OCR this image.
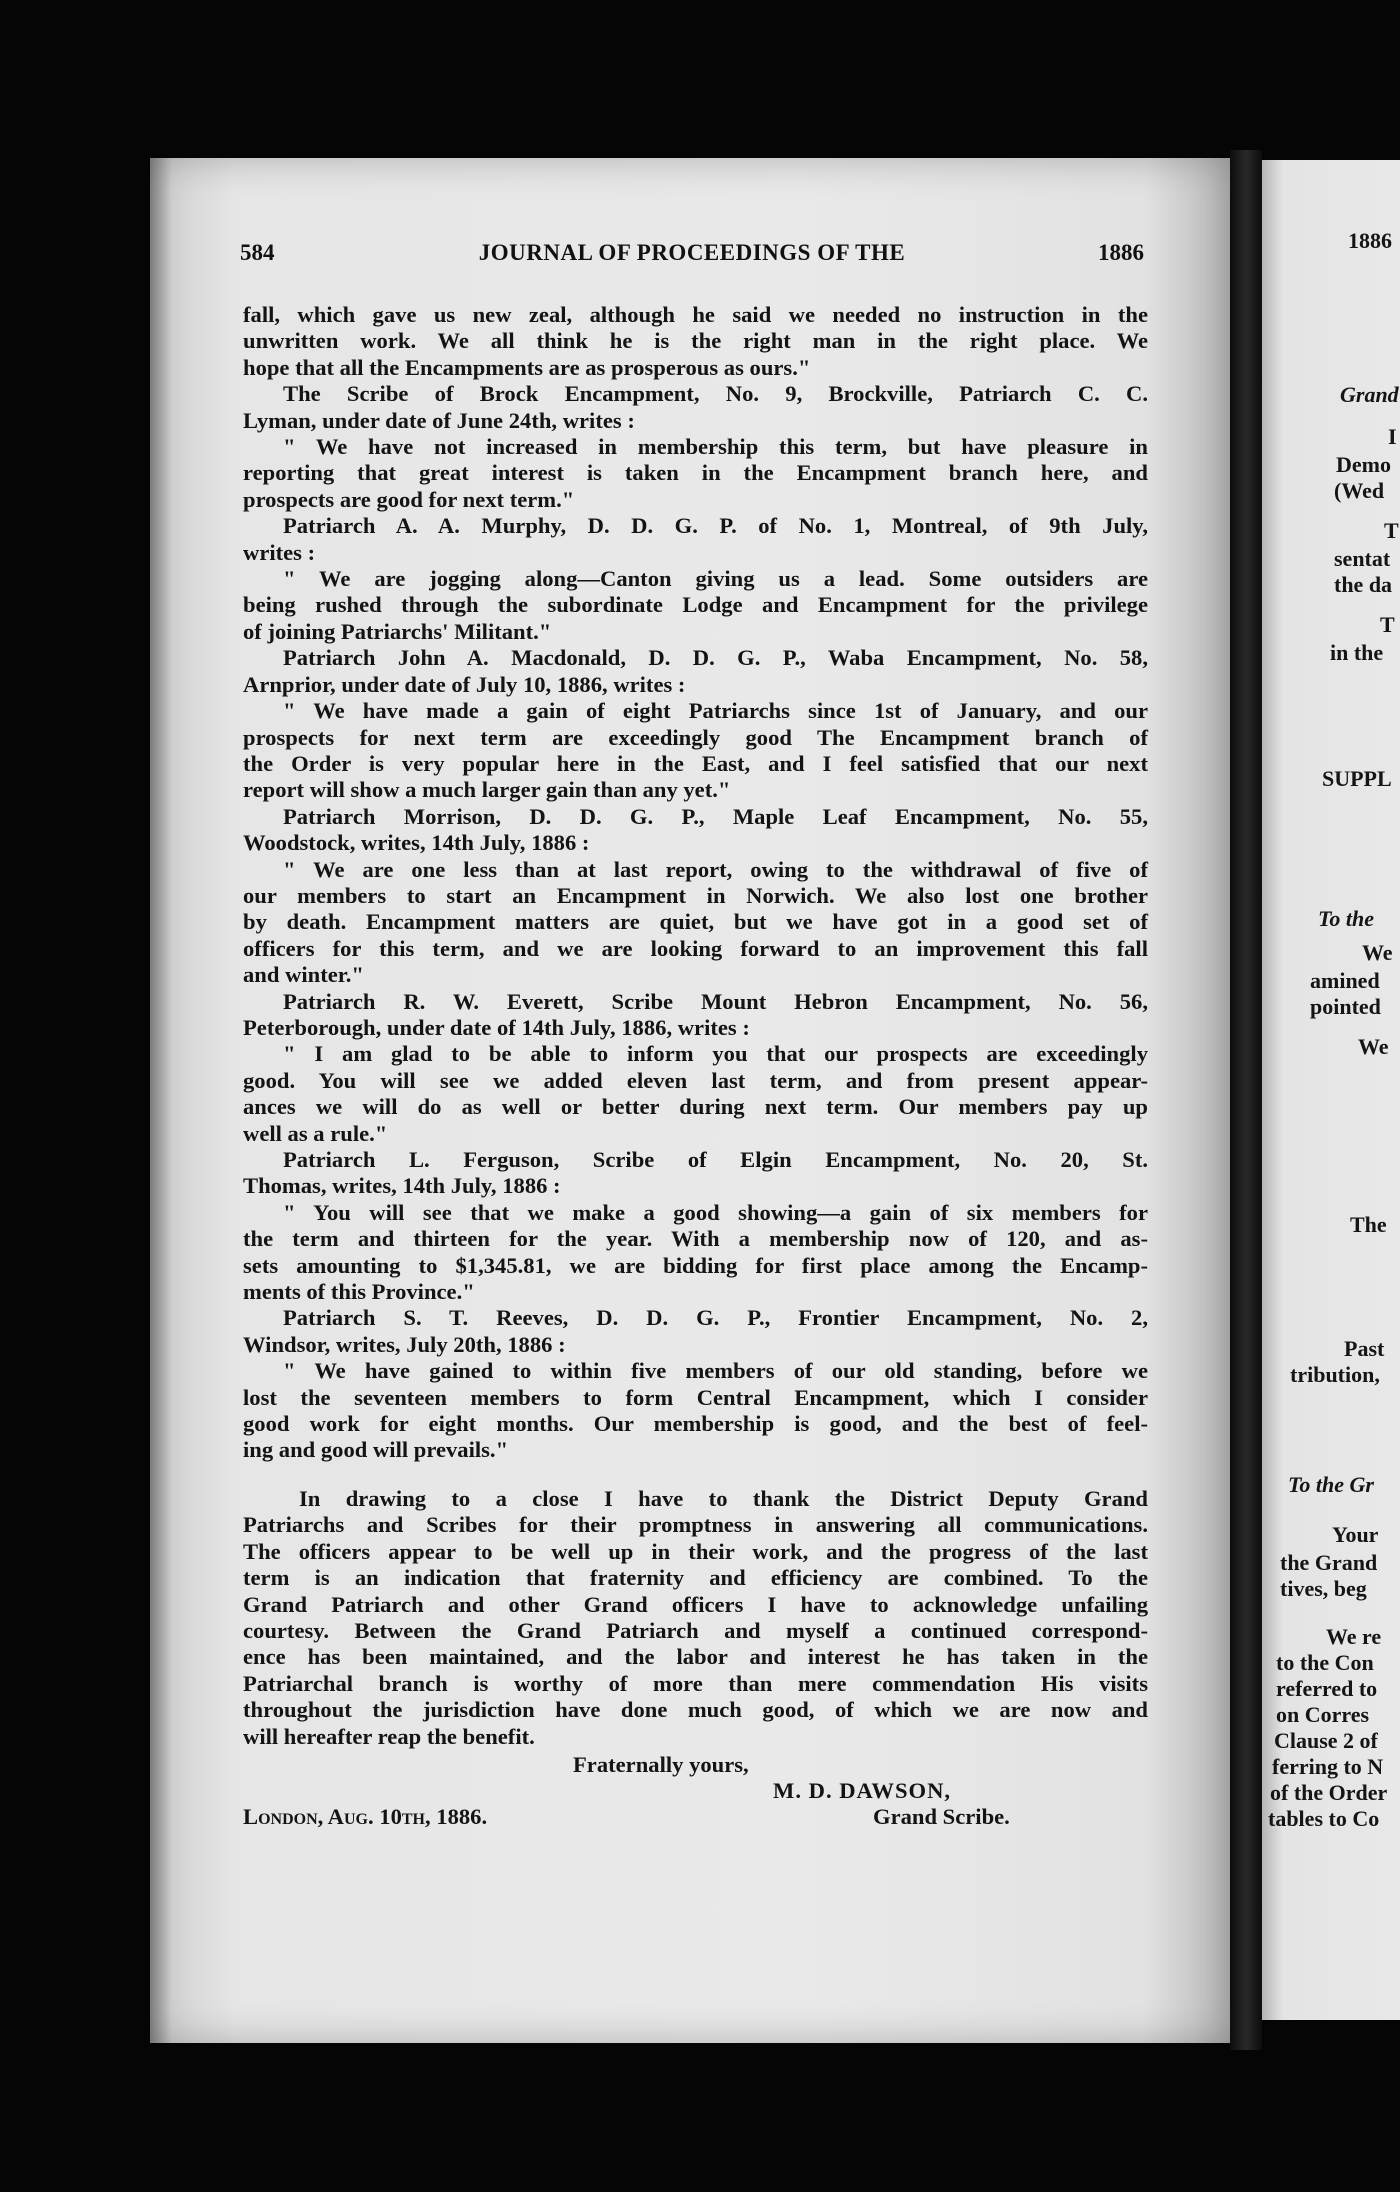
584	JOURNAL OF PROCEEDINGS OF THE	1886
fall, which gave us new zeal, although he said we needed no instruction in the
unwritten work. We all think he is the right man in the right place. We
hope that all the Encampments are as prosperous as ours."
The Scribe of Brock Encampment, No. 9, Brockville, Patriarch C. C.
Lyman, under date of June 24th, writes :
" We have not increased in membership this term, but have pleasure in
reporting that great interest is taken in the Encampment branch here, and
prospects are good for next term."
Patriarch A. A. Murphy, D. D. G. P. of No. 1, Montreal, of 9th July,
writes :
" We are jogging along—Canton giving us a lead. Some outsiders are
being rushed through the subordinate Lodge and Encampment for the privilege
of joining Patriarchs' Militant."
Patriarch John A. Macdonald, D. D. G. P., Waba Encampment, No. 58,
Arnprior, under date of July 10, 1886, writes :
" We have made a gain of eight Patriarchs since 1st of January, and our
prospects for next term are exceedingly good The Encampment branch of
the Order is very popular here in the East, and I feel satisfied that our next
report will show a much larger gain than any yet."
Patriarch Morrison, D. D. G. P., Maple Leaf Encampment, No. 55,
Woodstock, writes, 14th July, 1886 :
" We are one less than at last report, owing to the withdrawal of five of
our members to start an Encampment in Norwich. We also lost one brother
by death. Encampment matters are quiet, but we have got in a good set of
officers for this term, and we are looking forward to an improvement this fall
and winter."
Patriarch R. W. Everett, Scribe Mount Hebron Encampment, No. 56,
Peterborough, under date of 14th July, 1886, writes :
" I am glad to be able to inform you that our prospects are exceedingly
good. You will see we added eleven last term, and from present appear-
ances we will do as well or better during next term. Our members pay up
well as a rule."
Patriarch L. Ferguson, Scribe of Elgin Encampment, No. 20, St.
Thomas, writes, 14th July, 1886 :
" You will see that we make a good showing—a gain of six members for
the term and thirteen for the year. With a membership now of 120, and as-
sets amounting to $1,345.81, we are bidding for first place among the Encamp-
ments of this Province."
Patriarch S. T. Reeves, D. D. G. P., Frontier Encampment, No. 2,
Windsor, writes, July 20th, 1886 :
" We have gained to within five members of our old standing, before we
lost the seventeen members to form Central Encampment, which I consider
good work for eight months. Our membership is good, and the best of feel-
ing and good will prevails."
In drawing to a close I have to thank the District Deputy Grand
Patriarchs and Scribes for their promptness in answering all communications.
The officers appear to be well up in their work, and the progress of the last
term is an indication that fraternity and efficiency are combined. To the
Grand Patriarch and other Grand officers I have to acknowledge unfailing
courtesy. Between the Grand Patriarch and myself a continued correspond-
ence has been maintained, and the labor and interest he has taken in the
Patriarchal branch is worthy of more than mere commendation His visits
throughout the jurisdiction have done much good, of which we are now and
will hereafter reap the benefit.
Fraternally yours,
M. D. DAWSON,
Grand Scribe.
London, Aug. 10th, 1886.
1886
Grand
I
Demo
(Wed
T
sentat
the da
T
in the
SUPPL
To the
We
amined
pointed
We
The
Past
tribution,
To the Gr
Your
the Grand
tives, beg
We re
to the Con
referred to
on Corres
Clause 2 of
ferring to N
of the Order
tables to Co
